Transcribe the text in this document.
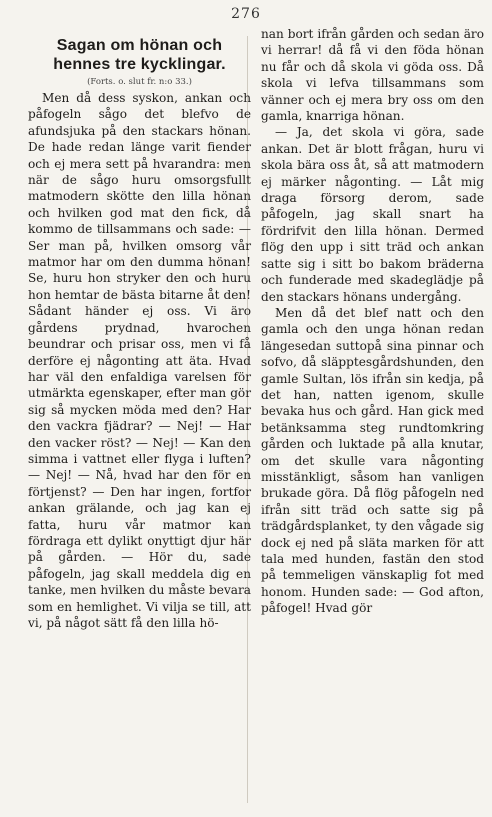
276
Sagan om hönan och
hennes tre kycklingar.
(Forts. o. slut fr. n:o 33.)

Men då dess syskon, ankan och påfogeln sågo det blefvo de afundsjuka på den stackars hönan. De hade redan länge varit fiender och ej mera sett på hvarandra: men när de sågo huru omsorgsfullt matmodern skötte den lilla hönan och hvilken god mat den fick, då kommo de tillsammans och sade: — Ser man på, hvilken omsorg vår matmor har om den dumma hönan! Se, huru hon stryker den och huru hon hemtar de bästa bitarne åt den! Sådant händer ej oss. Vi äro gårdens prydnad, hvarochen beundrar och prisar oss, men vi få derföre ej någonting att äta. Hvad har väl den enfaldiga varelsen för utmärkta egenskaper, efter man gör sig så mycken möda med den? Har den vackra fjädrar? — Nej! — Har den vacker röst? — Nej! — Kan den simma i vattnet eller flyga i luften? — Nej! — Nå, hvad har den för en förtjenst? — Den har ingen, fortfor ankan grälande, och jag kan ej fatta, huru vår matmor kan fördraga ett dylikt onyttigt djur här på gården. — Hör du, sade påfogeln, jag skall meddela dig en tanke, men hvilken du måste bevara som en hemlighet. Vi vilja se till, att vi, på något sätt få den lilla hö-

nan bort ifrån gården och sedan äro vi herrar! då få vi den föda hönan nu får och då skola vi göda oss. Då skola vi lefva tillsammans som vänner och ej mera bry oss om den gamla, knarriga hönan.

— Ja, det skola vi göra, sade ankan. Det är blott frågan, huru vi skola bära oss åt, så att matmodern ej märker någonting. — Låt mig draga försorg derom, sade påfogeln, jag skall snart ha fördrifvit den lilla hönan. Dermed flög den upp i sitt träd och ankan satte sig i sitt bo bakom bräderna och funderade med skadeglädje på den stackars hönans undergång.

Men då det blef natt och den gamla och den unga hönan redan längesedan suttopå sina pinnar och sofvo, då släpptesgårdshunden, den gamle Sultan, lös ifrån sin kedja, på det han, natten igenom, skulle bevaka hus och gård. Han gick med betänksamma steg rundtomkring gården och luktade på alla knutar, om det skulle vara någonting misstänkligt, såsom han vanligen brukade göra. Då flög påfogeln ned ifrån sitt träd och satte sig på trädgårdsplanket, ty den vågade sig dock ej ned på släta marken för att tala med hunden, fastän den stod på temmeligen vänskaplig fot med honom. Hunden sade: — God afton, påfogel! Hvad gör
